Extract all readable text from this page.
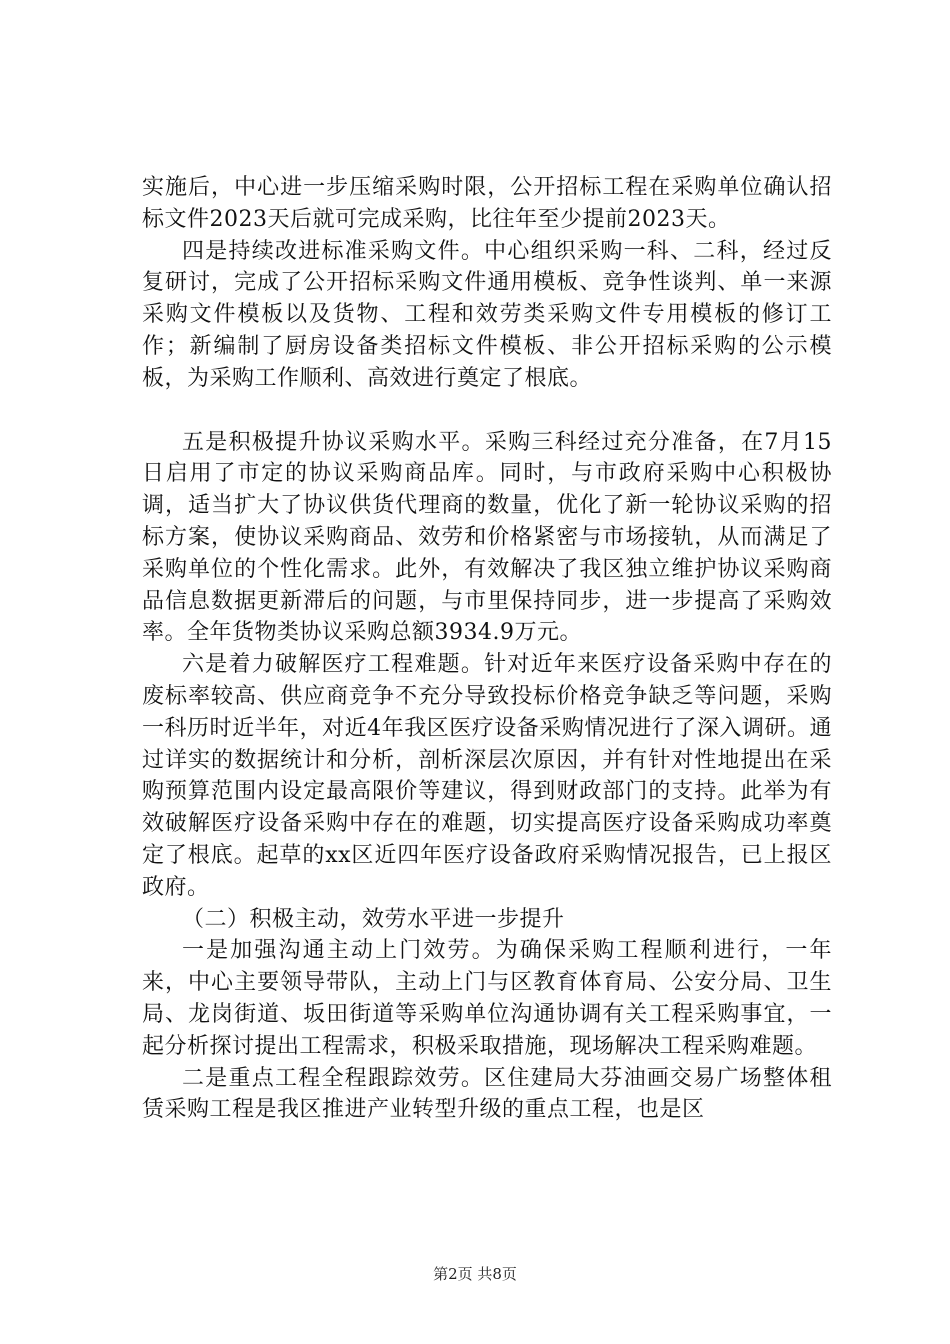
实施后，中心进一步压缩采购时限，公开招标工程在采购单位确认招标文件2023天后就可完成采购，比往年至少提前2023天。

四是持续改进标准采购文件。中心组织采购一科、二科，经过反复研讨，完成了公开招标采购文件通用模板、竞争性谈判、单一来源采购文件模板以及货物、工程和效劳类采购文件专用模板的修订工作；新编制了厨房设备类招标文件模板、非公开招标采购的公示模板，为采购工作顺利、高效进行奠定了根底。

五是积极提升协议采购水平。采购三科经过充分准备，在7月15日启用了市定的协议采购商品库。同时，与市政府采购中心积极协调，适当扩大了协议供货代理商的数量，优化了新一轮协议采购的招标方案，使协议采购商品、效劳和价格紧密与市场接轨，从而满足了采购单位的个性化需求。此外，有效解决了我区独立维护协议采购商品信息数据更新滞后的问题，与市里保持同步，进一步提高了采购效率。全年货物类协议采购总额3934.9万元。

六是着力破解医疗工程难题。针对近年来医疗设备采购中存在的废标率较高、供应商竞争不充分导致投标价格竞争缺乏等问题，采购一科历时近半年，对近4年我区医疗设备采购情况进行了深入调研。通过详实的数据统计和分析，剖析深层次原因，并有针对性地提出在采购预算范围内设定最高限价等建议，得到财政部门的支持。此举为有效破解医疗设备采购中存在的难题，切实提高医疗设备采购成功率奠定了根底。起草的xx区近四年医疗设备政府采购情况报告，已上报区政府。

（二）积极主动，效劳水平进一步提升

一是加强沟通主动上门效劳。为确保采购工程顺利进行，一年来，中心主要领导带队，主动上门与区教育体育局、公安分局、卫生局、龙岗街道、坂田街道等采购单位沟通协调有关工程采购事宜，一起分析探讨提出工程需求，积极采取措施，现场解决工程采购难题。

二是重点工程全程跟踪效劳。区住建局大芬油画交易广场整体租赁采购工程是我区推进产业转型升级的重点工程，也是区

第2页 共8页
